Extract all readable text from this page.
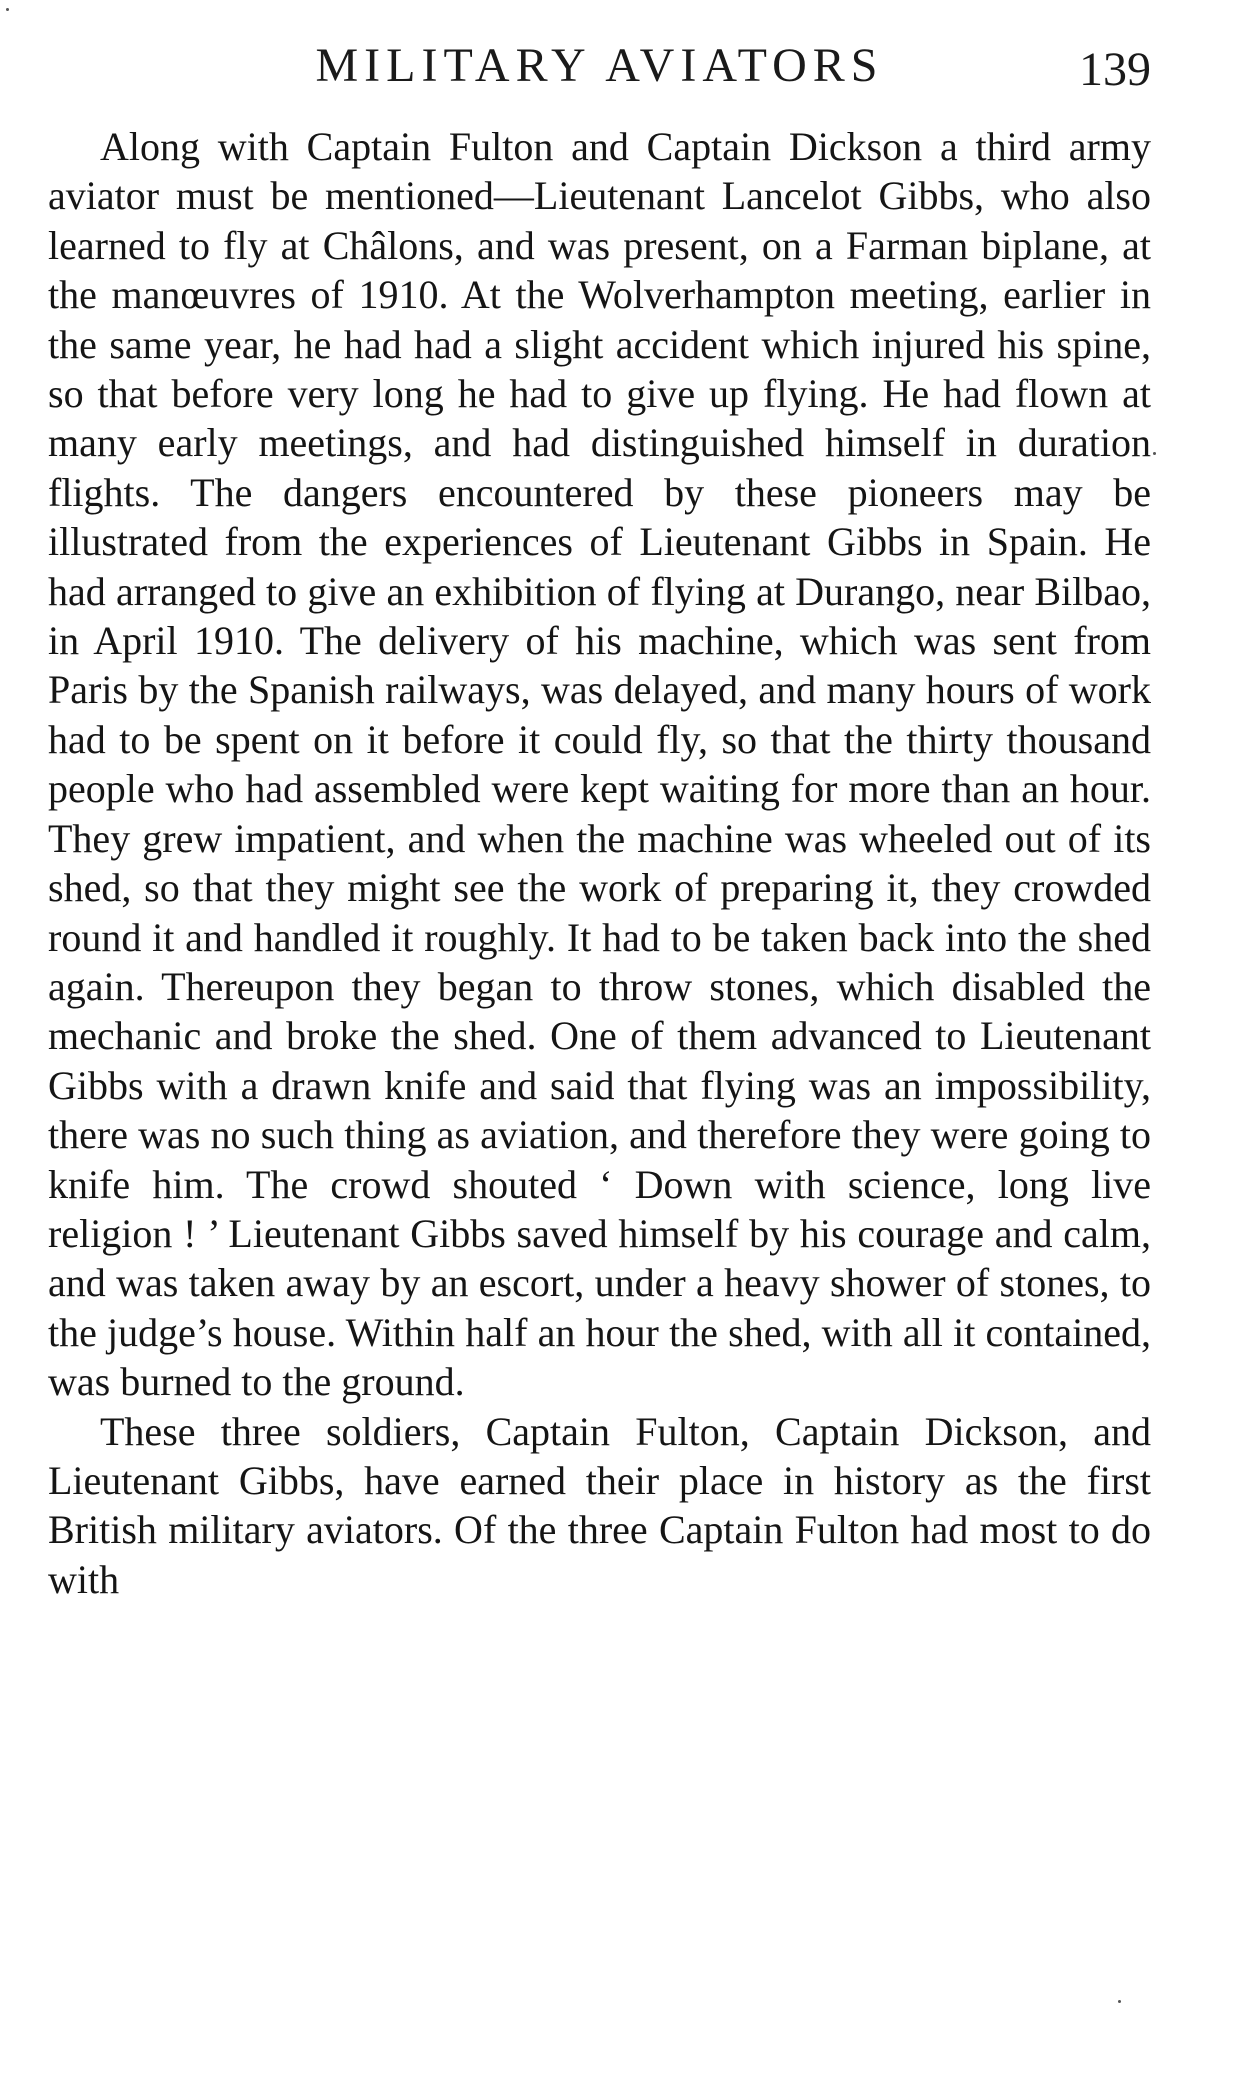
MILITARY AVIATORS	139

Along with Captain Fulton and Captain Dickson a third army aviator must be mentioned—Lieutenant Lancelot Gibbs, who also learned to fly at Châlons, and was present, on a Farman biplane, at the manœuvres of 1910. At the Wolverhampton meeting, earlier in the same year, he had had a slight accident which injured his spine, so that before very long he had to give up flying. He had flown at many early meetings, and had distinguished himself in duration flights. The dangers encountered by these pioneers may be illustrated from the experiences of Lieutenant Gibbs in Spain. He had arranged to give an exhibition of flying at Durango, near Bilbao, in April 1910. The delivery of his machine, which was sent from Paris by the Spanish railways, was delayed, and many hours of work had to be spent on it before it could fly, so that the thirty thousand people who had assembled were kept waiting for more than an hour. They grew impatient, and when the machine was wheeled out of its shed, so that they might see the work of preparing it, they crowded round it and handled it roughly. It had to be taken back into the shed again. Thereupon they began to throw stones, which disabled the mechanic and broke the shed. One of them advanced to Lieutenant Gibbs with a drawn knife and said that flying was an impossibility, there was no such thing as aviation, and therefore they were going to knife him. The crowd shouted ‘ Down with science, long live religion ! ’ Lieutenant Gibbs saved himself by his courage and calm, and was taken away by an escort, under a heavy shower of stones, to the judge’s house. Within half an hour the shed, with all it contained, was burned to the ground.

These three soldiers, Captain Fulton, Captain Dickson, and Lieutenant Gibbs, have earned their place in history as the first British military aviators. Of the three Captain Fulton had most to do with
